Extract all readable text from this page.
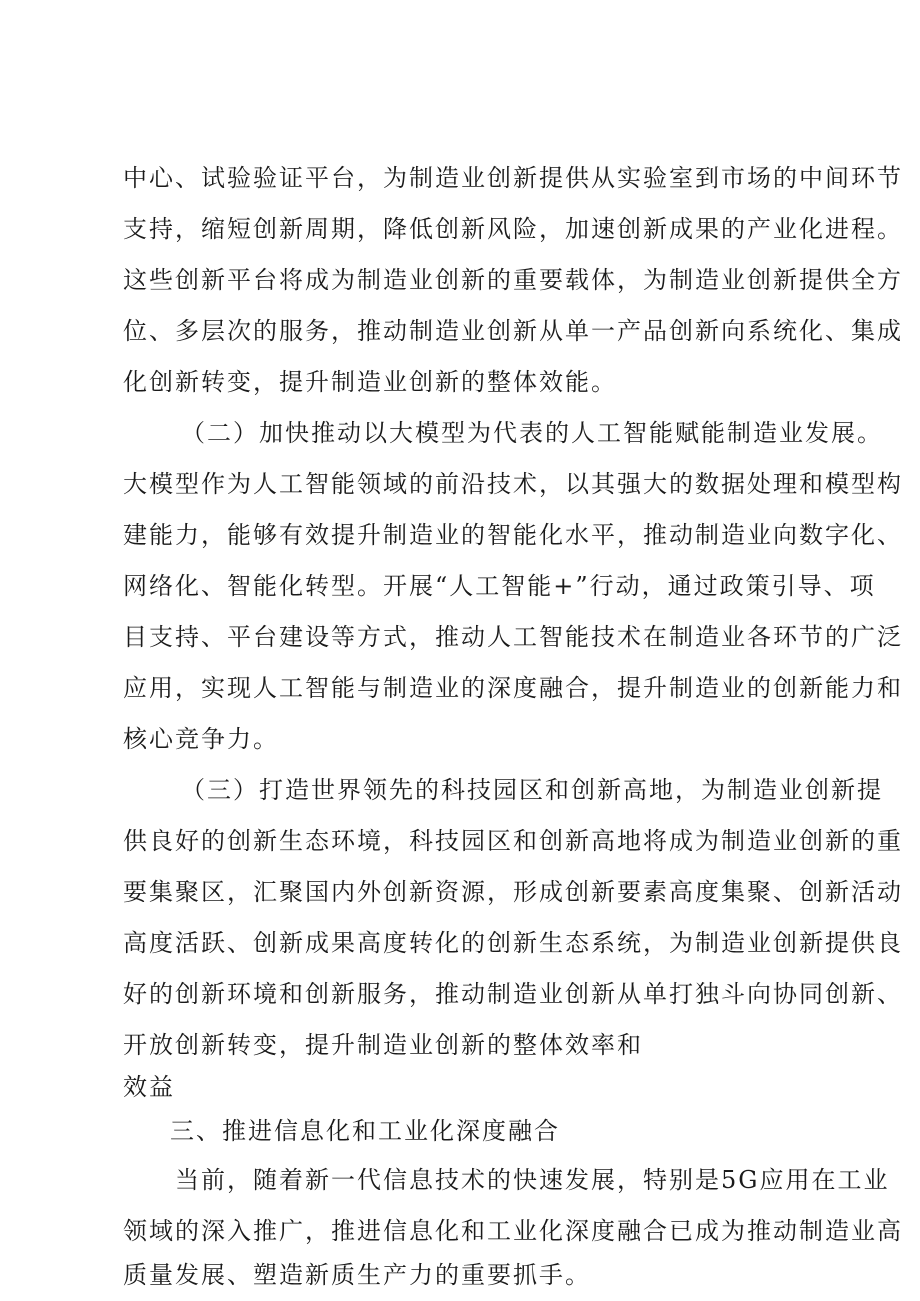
中心、试验验证平台，为制造业创新提供从实验室到市场的中间环节
支持，缩短创新周期，降低创新风险，加速创新成果的产业化进程。
这些创新平台将成为制造业创新的重要载体，为制造业创新提供全方
位、多层次的服务，推动制造业创新从单一产品创新向系统化、集成
化创新转变，提升制造业创新的整体效能。
（二）加快推动以大模型为代表的人工智能赋能制造业发展。
大模型作为人工智能领域的前沿技术，以其强大的数据处理和模型构
建能力，能够有效提升制造业的智能化水平，推动制造业向数字化、
网络化、智能化转型。开展“人工智能+”行动，通过政策引导、项
目支持、平台建设等方式，推动人工智能技术在制造业各环节的广泛
应用，实现人工智能与制造业的深度融合，提升制造业的创新能力和
核心竞争力。
（三）打造世界领先的科技园区和创新高地，为制造业创新提
供良好的创新生态环境，科技园区和创新高地将成为制造业创新的重
要集聚区，汇聚国内外创新资源，形成创新要素高度集聚、创新活动
高度活跃、创新成果高度转化的创新生态系统，为制造业创新提供良
好的创新环境和创新服务，推动制造业创新从单打独斗向协同创新、
开放创新转变，提升制造业创新的整体效率和
效益
三、推进信息化和工业化深度融合
当前，随着新一代信息技术的快速发展，特别是5G应用在工业
领域的深入推广，推进信息化和工业化深度融合已成为推动制造业高
质量发展、塑造新质生产力的重要抓手。
